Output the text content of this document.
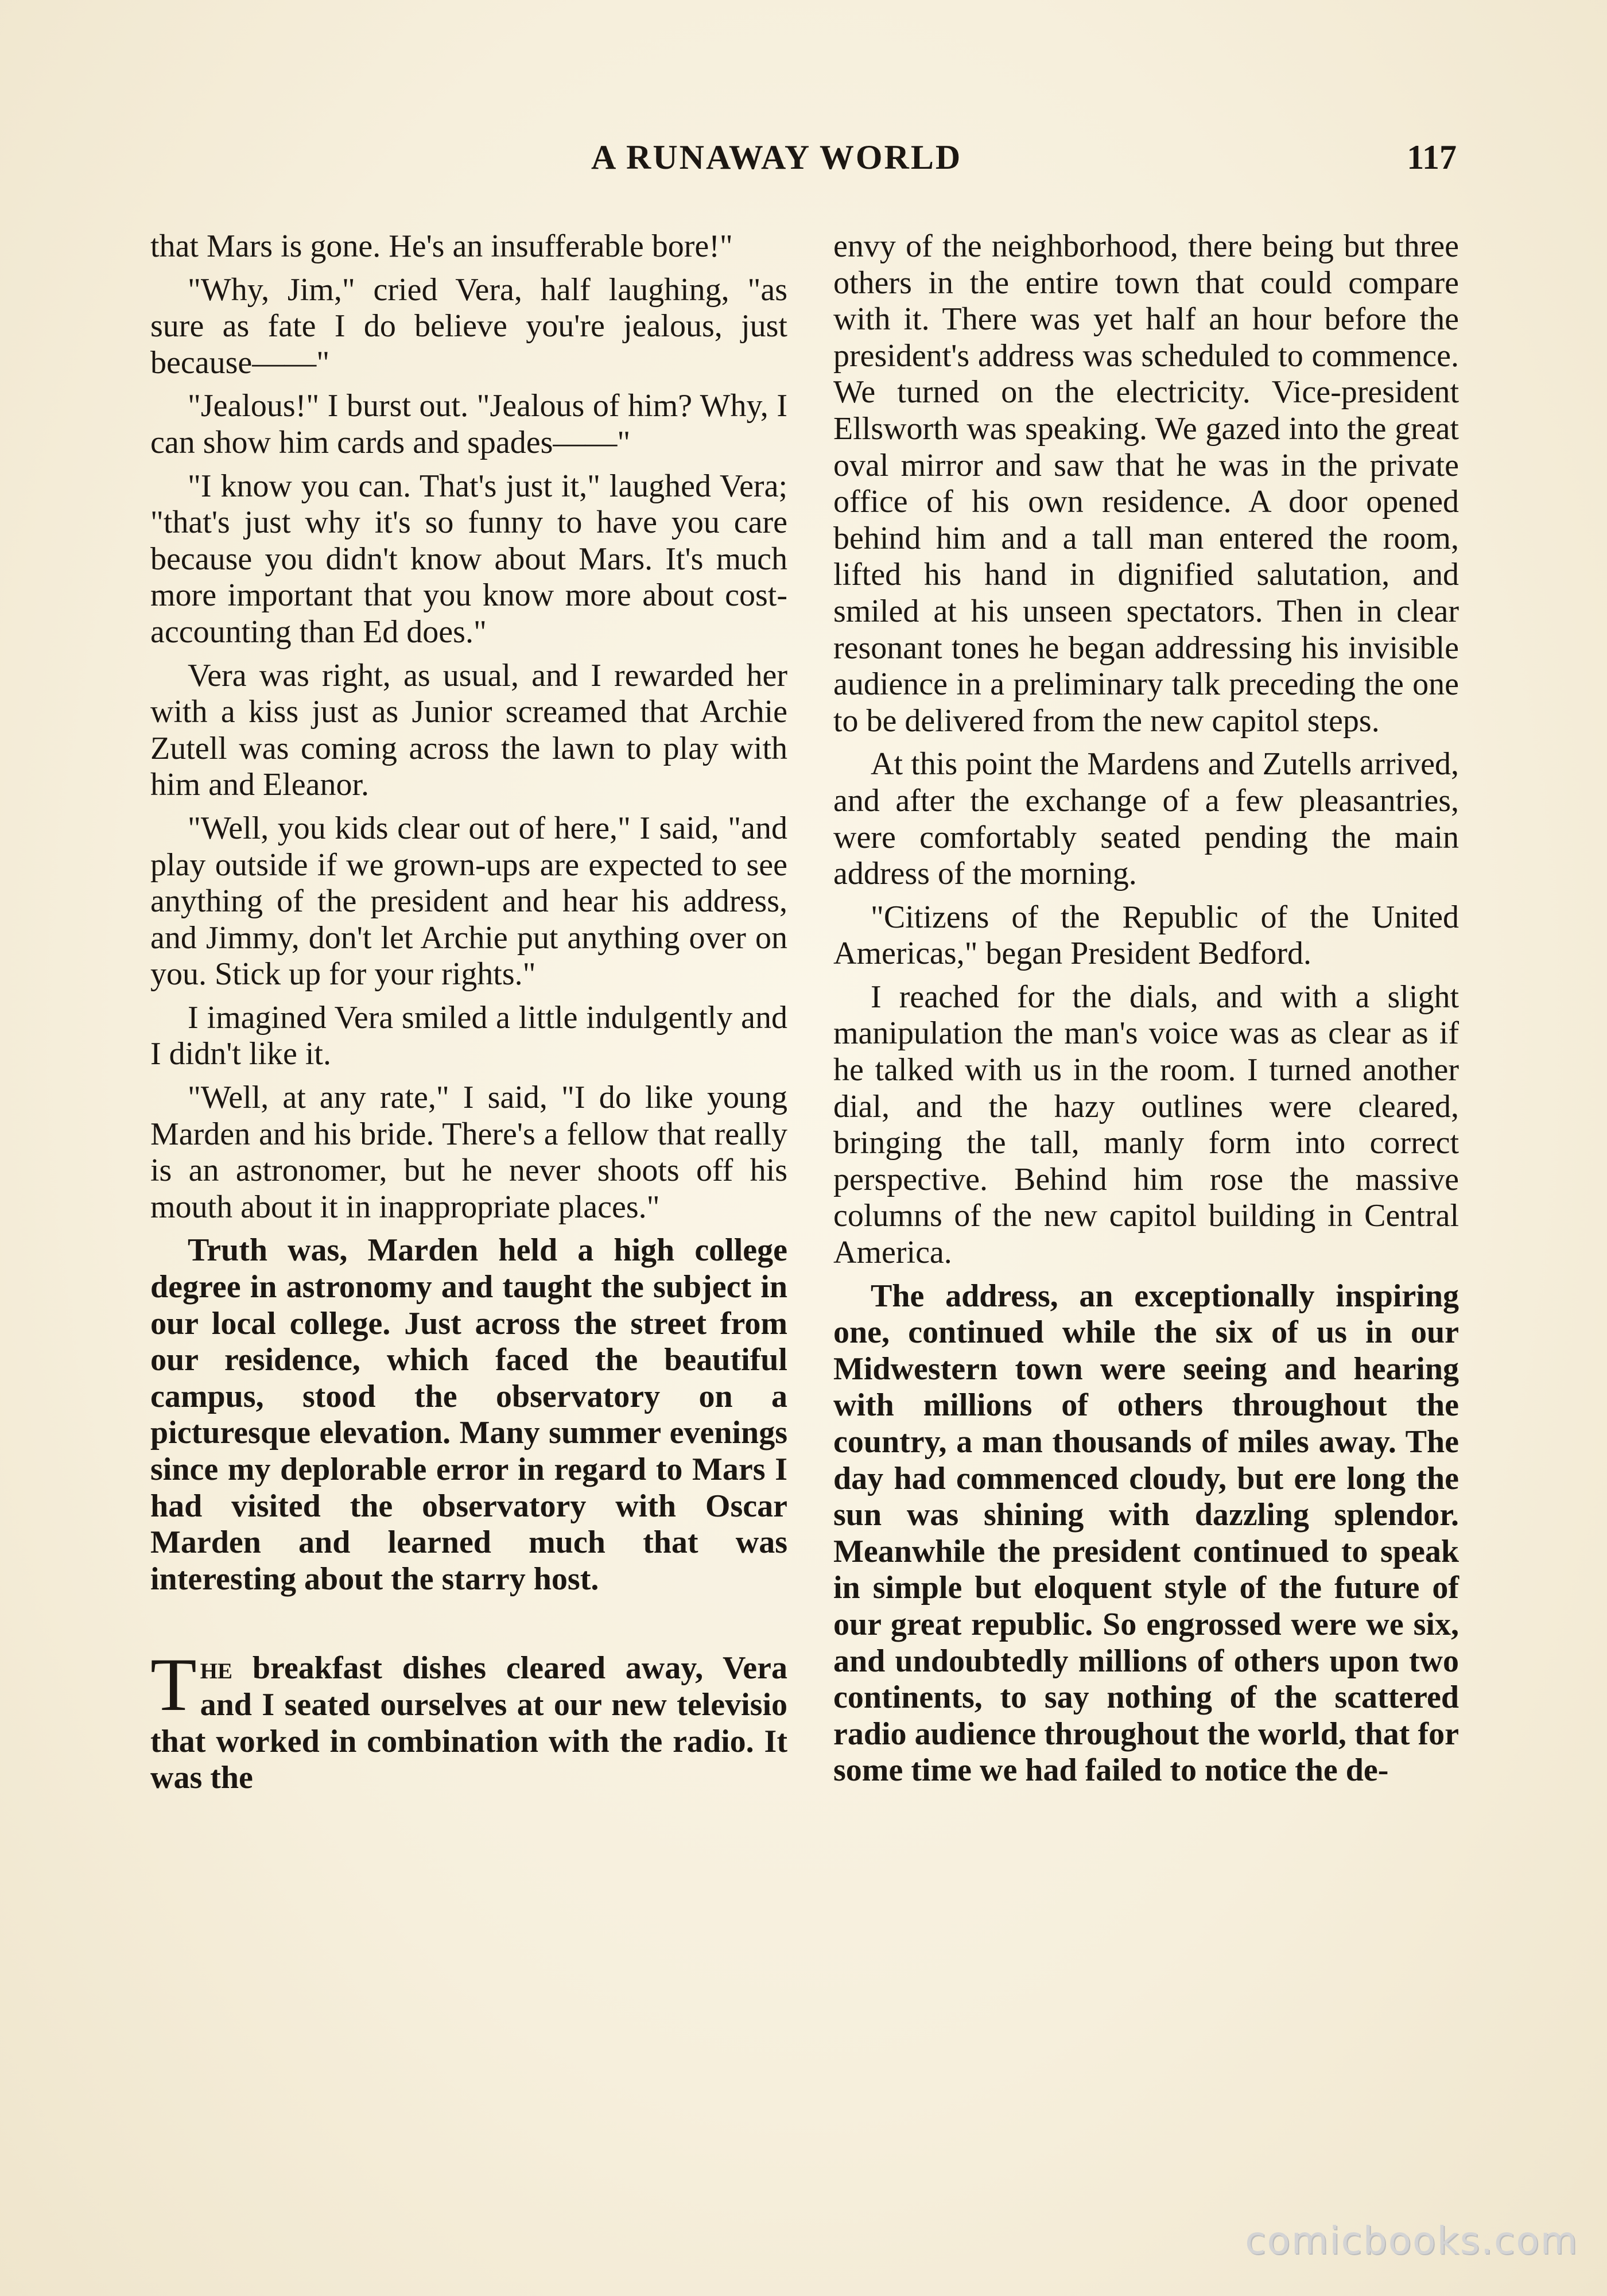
A RUNAWAY WORLD	117

that Mars is gone. He's an insufferable bore!"

"Why, Jim," cried Vera, half laughing, "as sure as fate I do believe you're jealous, just because——"

"Jealous!" I burst out. "Jealous of him? Why, I can show him cards and spades——"

"I know you can. That's just it," laughed Vera; "that's just why it's so funny to have you care because you didn't know about Mars. It's much more important that you know more about cost-accounting than Ed does."

Vera was right, as usual, and I rewarded her with a kiss just as Junior screamed that Archie Zutell was coming across the lawn to play with him and Eleanor.

"Well, you kids clear out of here," I said, "and play outside if we grown-ups are expected to see anything of the president and hear his address, and Jimmy, don't let Archie put anything over on you. Stick up for your rights."

I imagined Vera smiled a little indulgently and I didn't like it.

"Well, at any rate," I said, "I do like young Marden and his bride. There's a fellow that really is an astronomer, but he never shoots off his mouth about it in inappropriate places."

Truth was, Marden held a high college degree in astronomy and taught the subject in our local college. Just across the street from our residence, which faced the beautiful campus, stood the observatory on a picturesque elevation. Many summer evenings since my deplorable error in regard to Mars I had visited the observatory with Oscar Marden and learned much that was interesting about the starry host.

The breakfast dishes cleared away, Vera and I seated ourselves at our new televisio that worked in combination with the radio. It was the

envy of the neighborhood, there being but three others in the entire town that could compare with it. There was yet half an hour before the president's address was scheduled to commence. We turned on the electricity. Vice-president Ellsworth was speaking. We gazed into the great oval mirror and saw that he was in the private office of his own residence. A door opened behind him and a tall man entered the room, lifted his hand in dignified salutation, and smiled at his unseen spectators. Then in clear resonant tones he began addressing his invisible audience in a preliminary talk preceding the one to be delivered from the new capitol steps.

At this point the Mardens and Zutells arrived, and after the exchange of a few pleasantries, were comfortably seated pending the main address of the morning.

"Citizens of the Republic of the United Americas," began President Bedford.

I reached for the dials, and with a slight manipulation the man's voice was as clear as if he talked with us in the room. I turned another dial, and the hazy outlines were cleared, bringing the tall, manly form into correct perspective. Behind him rose the massive columns of the new capitol building in Central America.

The address, an exceptionally inspiring one, continued while the six of us in our Midwestern town were seeing and hearing with millions of others throughout the country, a man thousands of miles away. The day had commenced cloudy, but ere long the sun was shining with dazzling splendor. Meanwhile the president continued to speak in simple but eloquent style of the future of our great republic. So engrossed were we six, and undoubtedly millions of others upon two continents, to say nothing of the scattered radio audience throughout the world, that for some time we had failed to notice the de-

comicbooks.com
